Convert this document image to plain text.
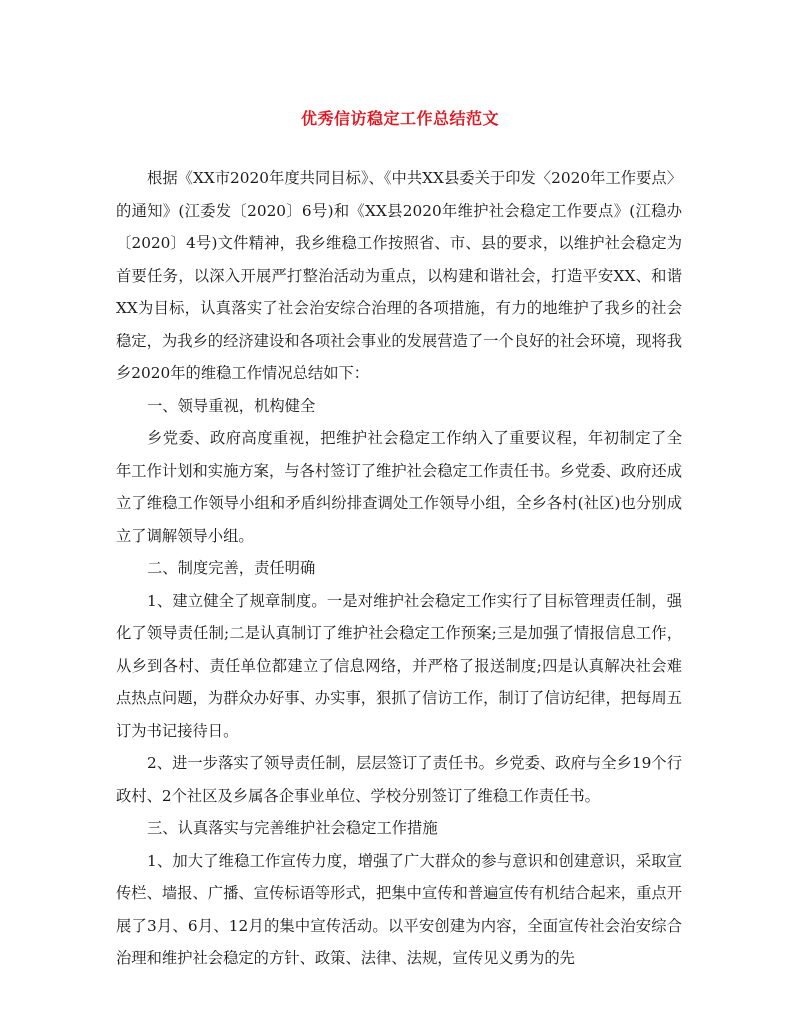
优秀信访稳定工作总结范文

根据《XX市2020年度共同目标》、《中共XX县委关于印发〈2020年工作要点〉的通知》(江委发〔2020〕6号)和《XX县2020年维护社会稳定工作要点》(江稳办〔2020〕4号)文件精神，我乡维稳工作按照省、市、县的要求，以维护社会稳定为首要任务，以深入开展严打整治活动为重点，以构建和谐社会，打造平安XX、和谐XX为目标，认真落实了社会治安综合治理的各项措施，有力的地维护了我乡的社会稳定，为我乡的经济建设和各项社会事业的发展营造了一个良好的社会环境，现将我乡2020年的维稳工作情况总结如下：

一、领导重视，机构健全

乡党委、政府高度重视，把维护社会稳定工作纳入了重要议程，年初制定了全年工作计划和实施方案，与各村签订了维护社会稳定工作责任书。乡党委、政府还成立了维稳工作领导小组和矛盾纠纷排查调处工作领导小组，全乡各村(社区)也分别成立了调解领导小组。

二、制度完善，责任明确

1、建立健全了规章制度。一是对维护社会稳定工作实行了目标管理责任制，强化了领导责任制;二是认真制订了维护社会稳定工作预案;三是加强了情报信息工作，从乡到各村、责任单位都建立了信息网络，并严格了报送制度;四是认真解决社会难点热点问题，为群众办好事、办实事，狠抓了信访工作，制订了信访纪律，把每周五订为书记接待日。

2、进一步落实了领导责任制，层层签订了责任书。乡党委、政府与全乡19个行政村、2个社区及乡属各企事业单位、学校分别签订了维稳工作责任书。

三、认真落实与完善维护社会稳定工作措施

1、加大了维稳工作宣传力度，增强了广大群众的参与意识和创建意识，采取宣传栏、墙报、广播、宣传标语等形式，把集中宣传和普遍宣传有机结合起来，重点开展了3月、6月、12月的集中宣传活动。以平安创建为内容，全面宣传社会治安综合治理和维护社会稳定的方针、政策、法律、法规，宣传见义勇为的先
